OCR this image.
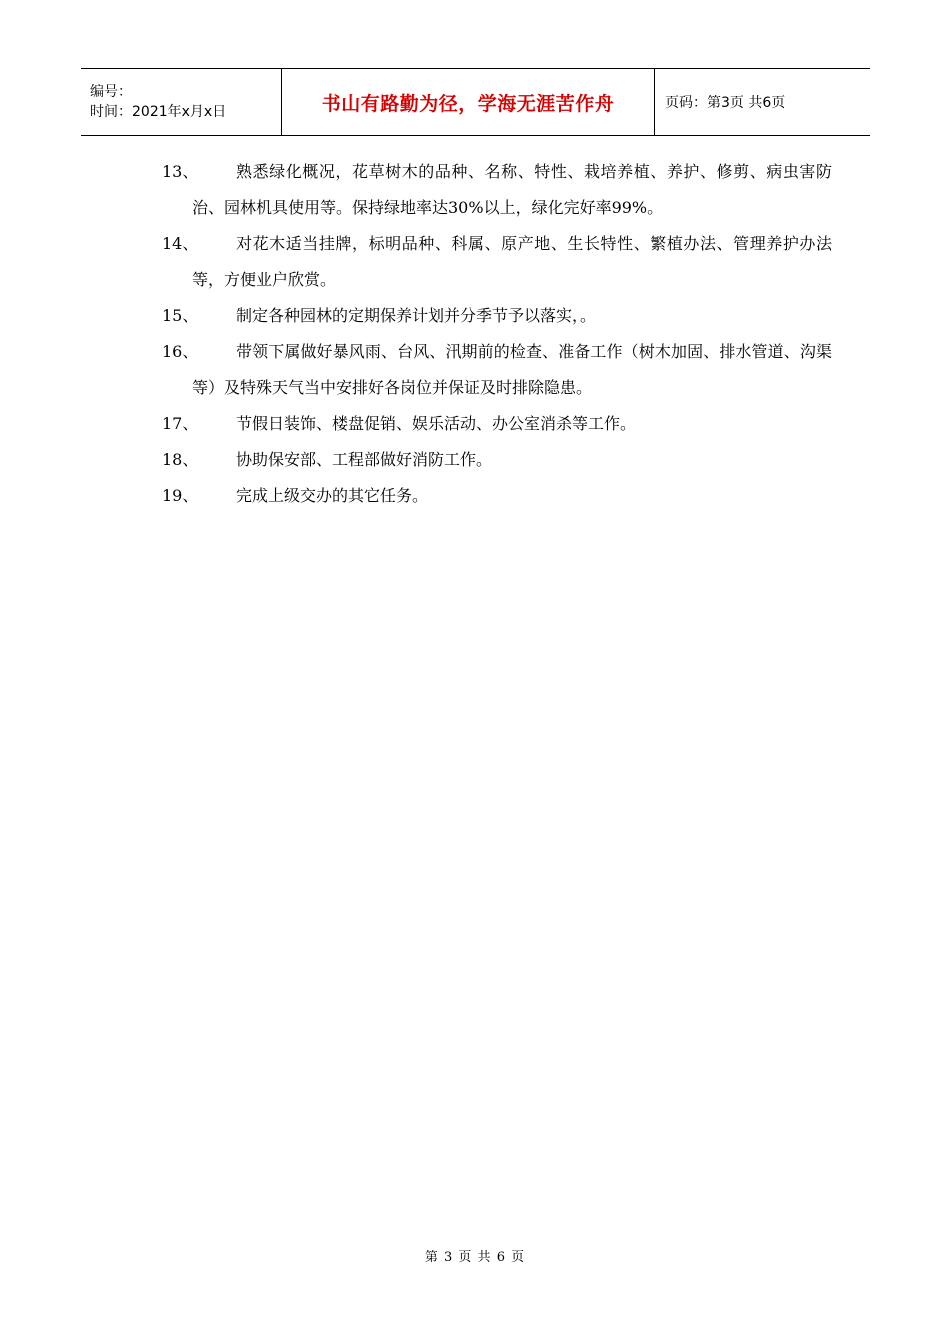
编号：
时间：2021年x月x日	书山有路勤为径，学海无涯苦作舟	页码：第3页 共6页
13、	熟悉绿化概况，花草树木的品种、名称、特性、栽培养植、养护、修剪、病虫害防治、园林机具使用等。保持绿地率达30%以上，绿化完好率99%。
14、	对花木适当挂牌，标明品种、科属、原产地、生长特性、繁植办法、管理养护办法等，方便业户欣赏。
15、	制定各种园林的定期保养计划并分季节予以落实，。
16、	带领下属做好暴风雨、台风、汛期前的检查、准备工作（树木加固、排水管道、沟渠等）及特殊天气当中安排好各岗位并保证及时排除隐患。
17、	节假日装饰、楼盘促销、娱乐活动、办公室消杀等工作。
18、	协助保安部、工程部做好消防工作。
19、	完成上级交办的其它任务。
第 3 页 共 6 页
